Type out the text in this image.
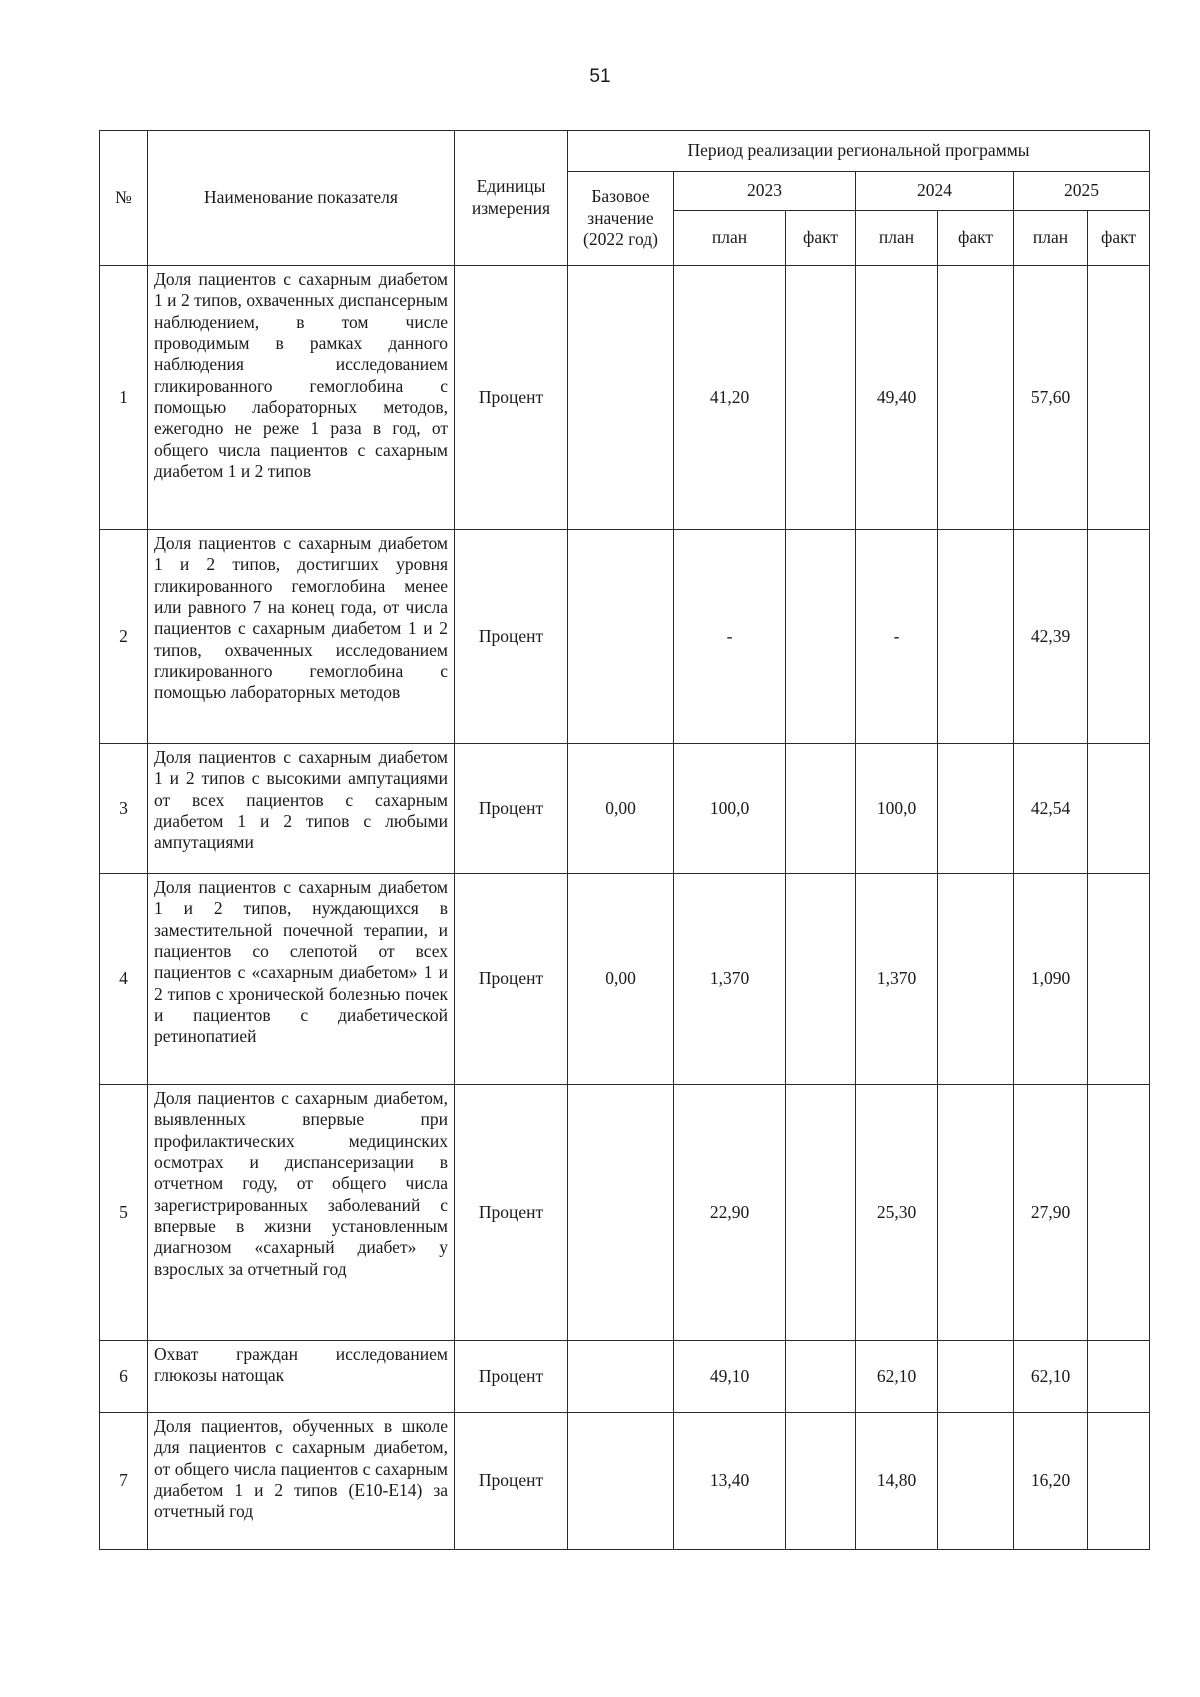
51
№	Наименование показателя	Единицы измерения	Период реализации региональной программы						
			Базовое значение (2022 год)	2023		2024		2025	
				план	факт	план	факт	план	факт
1	Доля пациентов с сахарным диабетом 1 и 2 типов, охваченных диспансерным наблюдением, в том числе проводимым в рамках данного наблюдения исследованием гликированного гемоглобина с помощью лабораторных методов, ежегодно не реже 1 раза в год, от общего числа пациентов с сахарным диабетом 1 и 2 типов	Процент		41,20		49,40		57,60	
2	Доля пациентов с сахарным диабетом 1 и 2 типов, достигших уровня гликированного гемоглобина менее или равного 7 на конец года, от числа пациентов с сахарным диабетом 1 и 2 типов, охваченных исследованием гликированного гемоглобина с помощью лабораторных методов	Процент		-		-		42,39	
3	Доля пациентов с сахарным диабетом 1 и 2 типов с высокими ампутациями от всех пациентов с сахарным диабетом 1 и 2 типов с любыми ампутациями	Процент	0,00	100,0		100,0		42,54	
4	Доля пациентов с сахарным диабетом 1 и 2 типов, нуждающихся в заместительной почечной терапии, и пациентов со слепотой от всех пациентов с «сахарным диабетом» 1 и 2 типов с хронической болезнью почек и пациентов с диабетической ретинопатией	Процент	0,00	1,370		1,370		1,090	
5	Доля пациентов с сахарным диабетом, выявленных впервые при профилактических медицинских осмотрах и диспансеризации в отчетном году, от общего числа зарегистрированных заболеваний с впервые в жизни установленным диагнозом «сахарный диабет» у взрослых за отчетный год	Процент		22,90		25,30		27,90	
6	Охват граждан исследованием глюкозы натощак	Процент		49,10		62,10		62,10	
7	Доля пациентов, обученных в школе для пациентов с сахарным диабетом, от общего числа пациентов с сахарным диабетом 1 и 2 типов (Е10-Е14) за отчетный год	Процент		13,40		14,80		16,20	
